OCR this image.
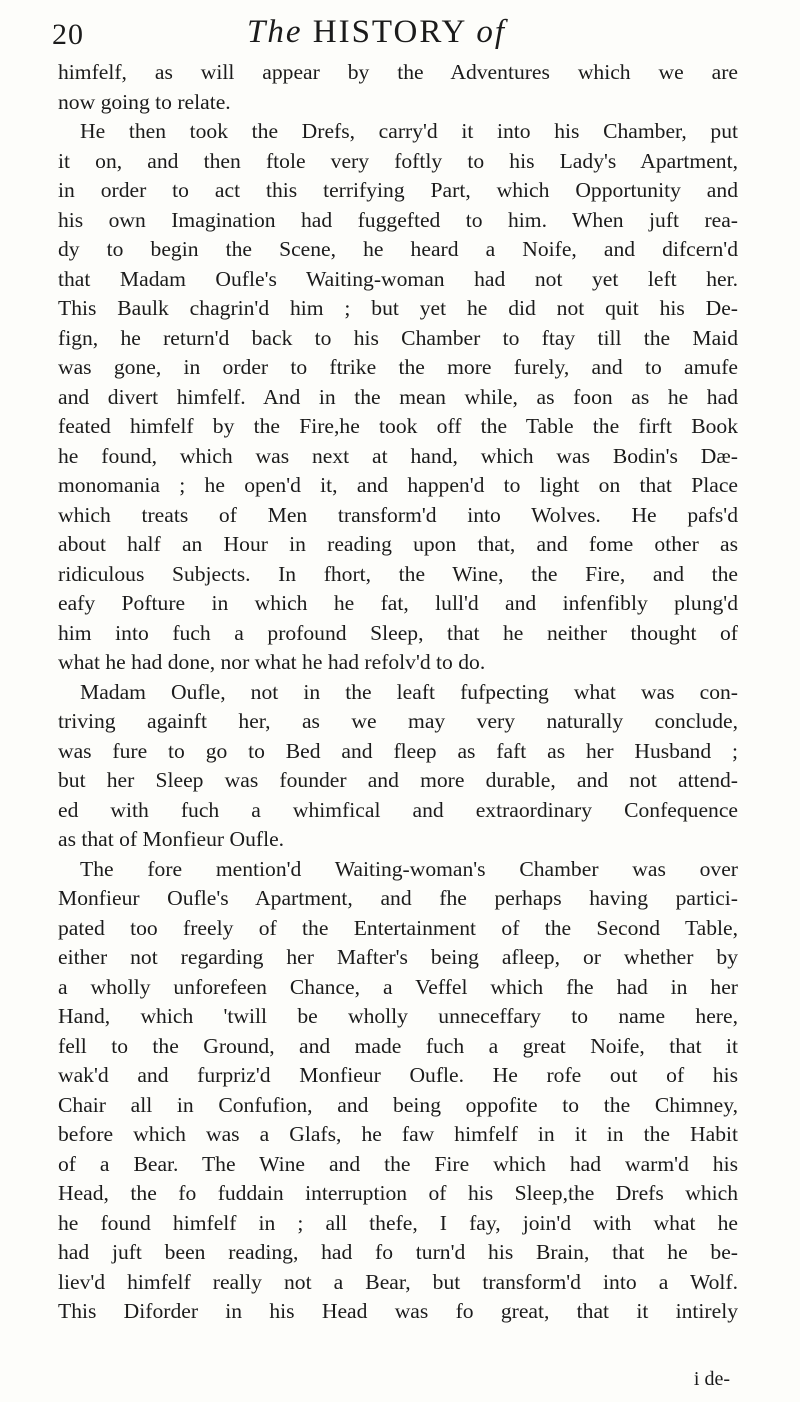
20	The HISTORY of
himfelf, as will appear by the Adventures which we are
now going to relate.
He then took the Drefs, carry'd it into his Chamber, put
it on, and then ftole very foftly to his Lady's Apartment,
in order to act this terrifying Part, which Opportunity and
his own Imagination had fuggefted to him. When juft rea-
dy to begin the Scene, he heard a Noife, and difcern'd
that Madam Oufle's Waiting-woman had not yet left her.
This Baulk chagrin'd him ; but yet he did not quit his De-
fign, he return'd back to his Chamber to ftay till the Maid
was gone, in order to ftrike the more furely, and to amufe
and divert himfelf. And in the mean while, as foon as he had
feated himfelf by the Fire,he took off the Table the firft Book
he found, which was next at hand, which was Bodin's Dæ-
monomania ; he open'd it, and happen'd to light on that Place
which treats of Men transform'd into Wolves. He pafs'd
about half an Hour in reading upon that, and fome other as
ridiculous Subjects. In fhort, the Wine, the Fire, and the
eafy Pofture in which he fat, lull'd and infenfibly plung'd
him into fuch a profound Sleep, that he neither thought of
what he had done, nor what he had refolv'd to do.
Madam Oufle, not in the leaft fufpecting what was con-
triving againft her, as we may very naturally conclude,
was fure to go to Bed and fleep as faft as her Husband ;
but her Sleep was founder and more durable, and not attend-
ed with fuch a whimfical and extraordinary Confequence
as that of Monfieur Oufle.
The fore mention'd Waiting-woman's Chamber was over
Monfieur Oufle's Apartment, and fhe perhaps having partici-
pated too freely of the Entertainment of the Second Table,
either not regarding her Mafter's being afleep, or whether by
a wholly unforefeen Chance, a Veffel which fhe had in her
Hand, which 'twill be wholly unneceffary to name here,
fell to the Ground, and made fuch a great Noife, that it
wak'd and furpriz'd Monfieur Oufle. He rofe out of his
Chair all in Confufion, and being oppofite to the Chimney,
before which was a Glafs, he faw himfelf in it in the Habit
of a Bear. The Wine and the Fire which had warm'd his
Head, the fo fuddain interruption of his Sleep,the Drefs which
he found himfelf in ; all thefe, I fay, join'd with what he
had juft been reading, had fo turn'd his Brain, that he be-
liev'd himfelf really not a Bear, but transform'd into a Wolf.
This Diforder in his Head was fo great, that it intirely
i de-
